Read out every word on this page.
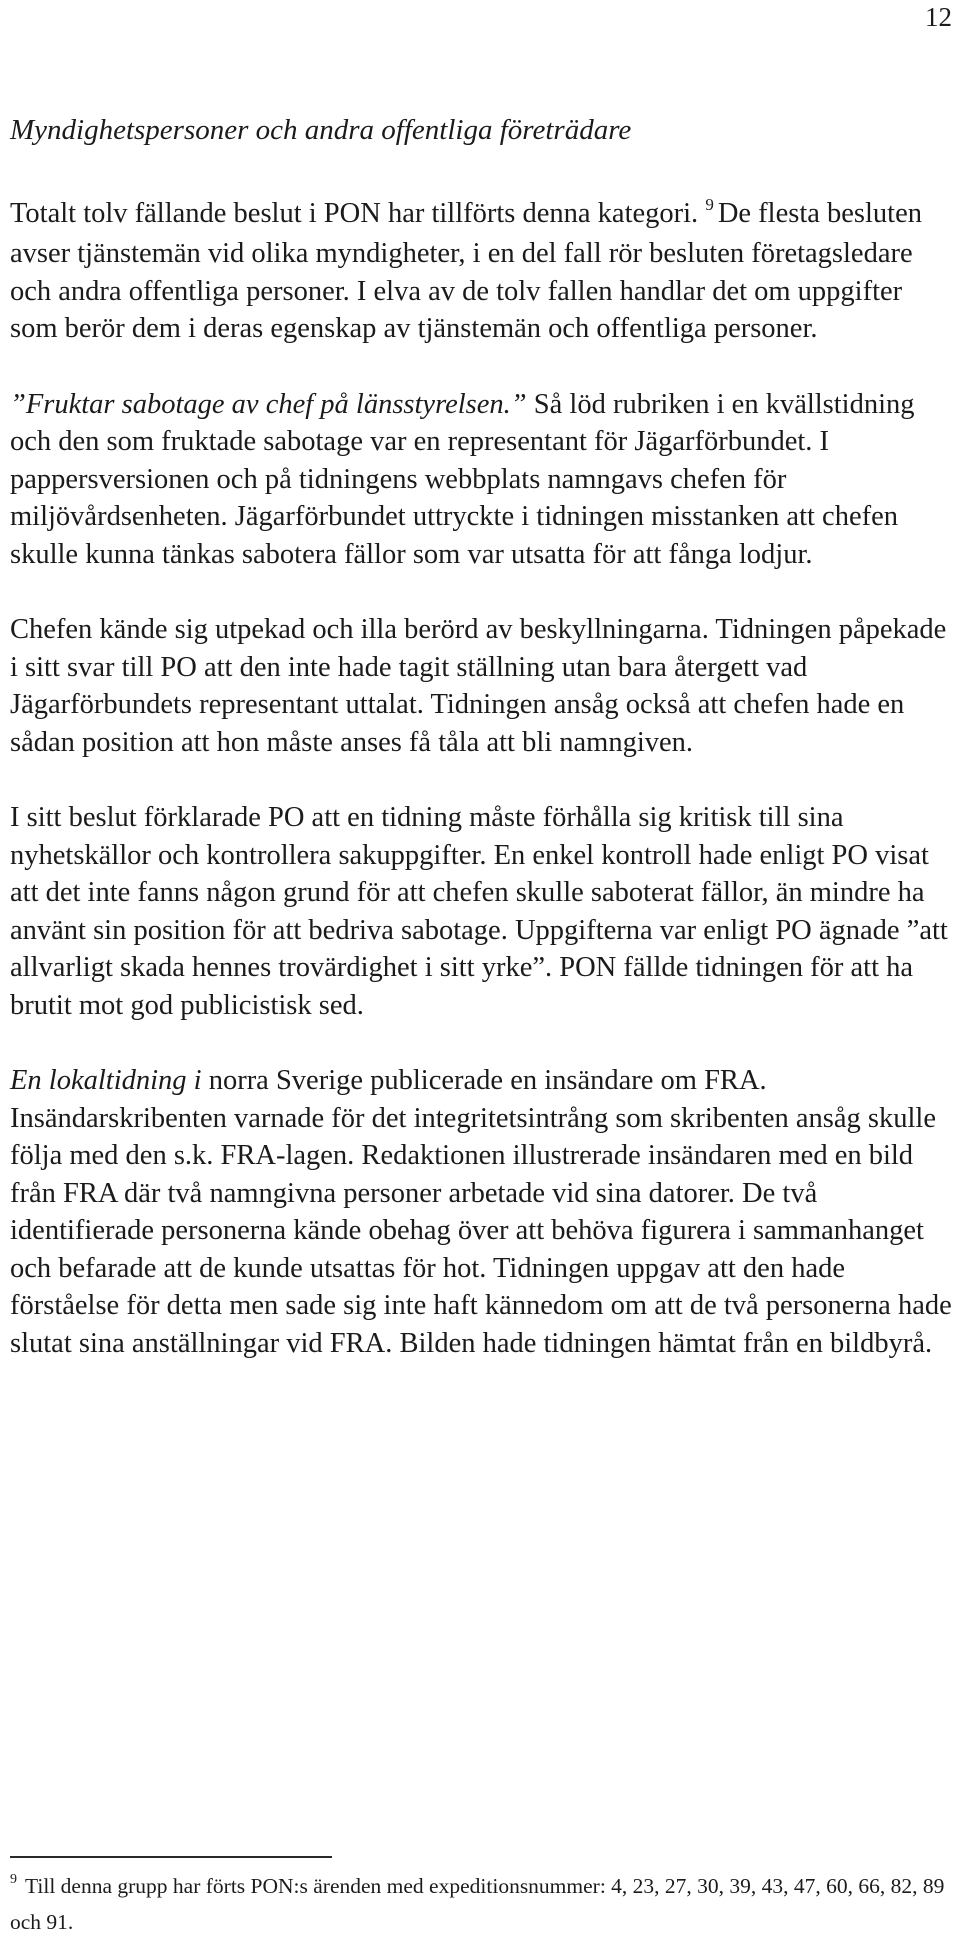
12
Myndighetspersoner och andra offentliga företrädare

Totalt tolv fällande beslut i PON har tillförts denna kategori. $^9$ De flesta besluten avser tjänstemän vid olika myndigheter, i en del fall rör besluten företagsledare och andra offentliga personer. I elva av de tolv fallen handlar det om uppgifter som berör dem i deras egenskap av tjänstemän och offentliga personer.

”Fruktar sabotage av chef på länsstyrelsen.” Så löd rubriken i en kvällstidning och den som fruktade sabotage var en representant för Jägarförbundet. I pappersversionen och på tidningens webbplats namngavs chefen för miljövårdsenheten. Jägarförbundet uttryckte i tidningen misstanken att chefen skulle kunna tänkas sabotera fällor som var utsatta för att fånga lodjur.

Chefen kände sig utpekad och illa berörd av beskyllningarna. Tidningen påpekade i sitt svar till PO att den inte hade tagit ställning utan bara återgett vad Jägarförbundets representant uttalat. Tidningen ansåg också att chefen hade en sådan position att hon måste anses få tåla att bli namngiven.

I sitt beslut förklarade PO att en tidning måste förhålla sig kritisk till sina nyhetskällor och kontrollera sakuppgifter. En enkel kontroll hade enligt PO visat att det inte fanns någon grund för att chefen skulle saboterat fällor, än mindre ha använt sin position för att bedriva sabotage. Uppgifterna var enligt PO ägnade ”att allvarligt skada hennes trovärdighet i sitt yrke”. PON fällde tidningen för att ha brutit mot god publicistisk sed.

En lokaltidning i norra Sverige publicerade en insändare om FRA. Insändarskribenten varnade för det integritetsintrång som skribenten ansåg skulle följa med den s.k. FRA-lagen. Redaktionen illustrerade insändaren med en bild från FRA där två namngivna personer arbetade vid sina datorer. De två identifierade personerna kände obehag över att behöva figurera i sammanhanget och befarade att de kunde utsattas för hot. Tidningen uppgav att den hade förståelse för detta men sade sig inte haft kännedom om att de två personerna hade slutat sina anställningar vid FRA. Bilden hade tidningen hämtat från en bildbyrå.

$^9$ Till denna grupp har förts PON:s ärenden med expeditionsnummer: 4, 23, 27, 30, 39, 43, 47, 60, 66, 82, 89 och 91.
